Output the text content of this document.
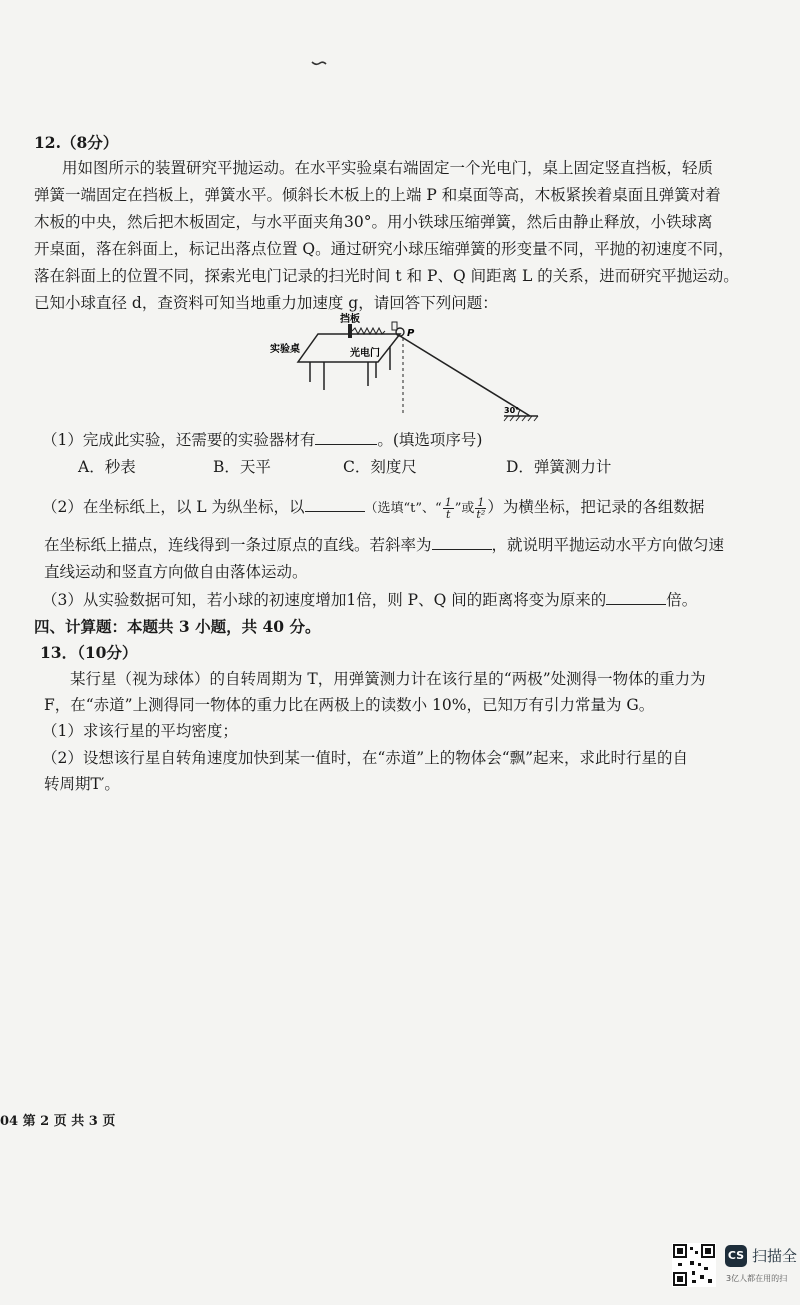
12.（8分）
用如图所示的装置研究平抛运动。在水平实验桌右端固定一个光电门，桌上固定竖直挡板，轻质
弹簧一端固定在挡板上，弹簧水平。倾斜长木板上的上端 P 和桌面等高，木板紧挨着桌面且弹簧对着
木板的中央，然后把木板固定，与水平面夹角30°。用小铁球压缩弹簧，然后由静止释放，小铁球离
开桌面，落在斜面上，标记出落点位置 Q。通过研究小球压缩弹簧的形变量不同，平抛的初速度不同，
落在斜面上的位置不同，探索光电门记录的扫光时间 t 和 P、Q 间距离 L 的关系，进而研究平抛运动。
已知小球直径 d，查资料可知当地重力加速度 g，请回答下列问题：
挡板
实验桌	光电门
P
30°
（1）完成此实验，还需要的实验器材有	。(填选项序号)
A．秒表	B．天平	C．刻度尺	D．弹簧测力计
（2）在坐标纸上，以 L 为纵坐标，以	（选填“t”、“ $\frac{1}{t}$ ”或 $\frac{1}{\text{t²}}$ ）为横坐标，把记录的各组数据
在坐标纸上描点，连线得到一条过原点的直线。若斜率为	，就说明平抛运动水平方向做匀速
直线运动和竖直方向做自由落体运动。
（3）从实验数据可知，若小球的初速度增加1倍，则 P、Q 间的距离将变为原来的	倍。
四、计算题：本题共 3 小题，共 40 分。
13．（10分）
某行星（视为球体）的自转周期为 T，用弹簧测力计在该行星的“两极”处测得一物体的重力为
F，在“赤道”上测得同一物体的重力比在两极上的读数小 10%，已知万有引力常量为 G。
（1）求该行星的平均密度；
（2）设想该行星自转角速度加快到某一值时，在“赤道”上的物体会“飘”起来，求此时行星的自
转周期T′。
04 第 2 页 共 3 页
CS 扫描全
3亿人都在用的扫
